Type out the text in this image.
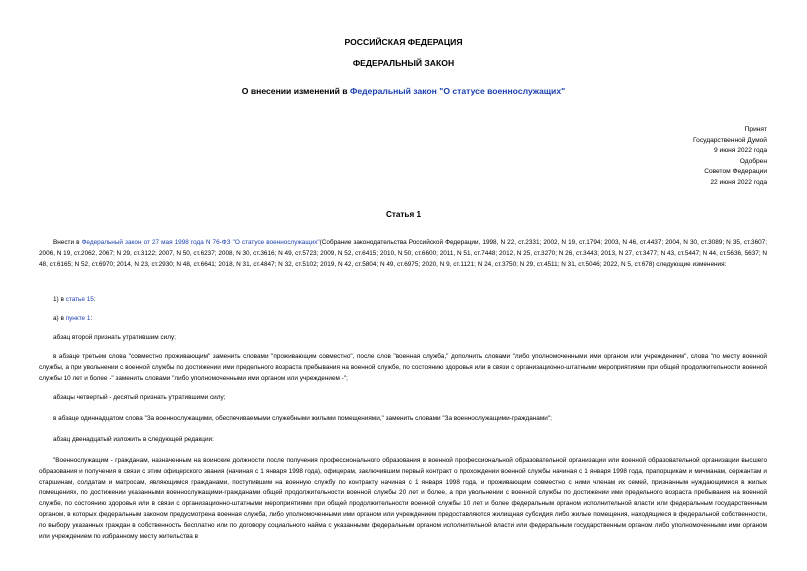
РОССИЙСКАЯ ФЕДЕРАЦИЯ
ФЕДЕРАЛЬНЫЙ ЗАКОН
О внесении изменений в Федеральный закон "О статусе военнослужащих"
Принят
Государственной Думой
9 июня 2022 года
Одобрен
Советом Федерации
22 июня 2022 года
Статья 1
Внести в Федеральный закон от 27 мая 1998 года N 76-ФЗ "О статусе военнослужащих"(Собрание законодательства Российской Федерации, 1998, N 22, ст.2331; 2002, N 19, ст.1794; 2003, N 46, ст.4437; 2004, N 30, ст.3089; N 35, ст.3607; 2006, N 19, ст.2062, 2067; N 29, ст.3122; 2007, N 50, ст.6237; 2008, N 30, ст.3616; N 49, ст.5723; 2009, N 52, ст.6415; 2010, N 50, ст.6600; 2011, N 51, ст.7448; 2012, N 25, ст.3270; N 26, ст.3443; 2013, N 27, ст.3477; N 43, ст.5447; N 44, ст.5636, 5637; N 48, ст.6165; N 52, ст.6970; 2014, N 23, ст.2930; N 48, ст.6641; 2018, N 31, ст.4847; N 32, ст.5102; 2019, N 42, ст.5804; N 49, ст.6975; 2020, N 9, ст.1121; N 24, ст.3750; N 29, ст.4511; N 31, ст.5046; 2022, N 5, ст.678) следующие изменения:
1) в статье 15:
а) в пункте 1:
абзац второй признать утратившим силу;
в абзаце третьем слова "совместно проживающим" заменить словами "проживающим совместно", после слов "военная служба," дополнить словами "либо уполномоченными ими органом или учреждением", слова "по месту военной службы, а при увольнении с военной службы по достижении ими предельного возраста пребывания на военной службе, по состоянию здоровья или в связи с организационно-штатными мероприятиями при общей продолжительности военной службы 10 лет и более -" заменить словами "либо уполномоченными ими органом или учреждением -";
абзацы четвертый - десятый признать утратившими силу;
в абзаце одиннадцатом слова "За военнослужащими, обеспечиваемыми служебными жилыми помещениями," заменить словами "За военнослужащими-гражданами";
абзац двенадцатый изложить в следующей редакции:
"Военнослужащим - гражданам, назначенным на воинские должности после получения профессионального образования в военной профессиональной образовательной организации или военной образовательной организации высшего образования и получения в связи с этим офицерского звания (начиная с 1 января 1998 года), офицерам, заключившим первый контракт о прохождении военной службы начиная с 1 января 1998 года, прапорщикам и мичманам, сержантам и старшинам, солдатам и матросам, являющимся гражданами, поступившим на военную службу по контракту начиная с 1 января 1998 года, и проживающим совместно с ними членам их семей, признанным нуждающимися в жилых помещениях, по достижении указанными военнослужащими-гражданами общей продолжительности военной службы 20 лет и более, а при увольнении с военной службы по достижении ими предельного возраста пребывания на военной службе, по состоянию здоровья или в связи с организационно-штатными мероприятиями при общей продолжительности военной службы 10 лет и более федеральным органом исполнительной власти или федеральным государственным органом, в которых федеральным законом предусмотрена военная служба, либо уполномоченными ими органом или учреждением предоставляются жилищная субсидия либо жилые помещения, находящиеся в федеральной собственности, по выбору указанных граждан в собственность бесплатно или по договору социального найма с указанными федеральным органом исполнительной власти или федеральным государственным органом либо уполномоченными ими органом или учреждением по избранному месту жительства в
